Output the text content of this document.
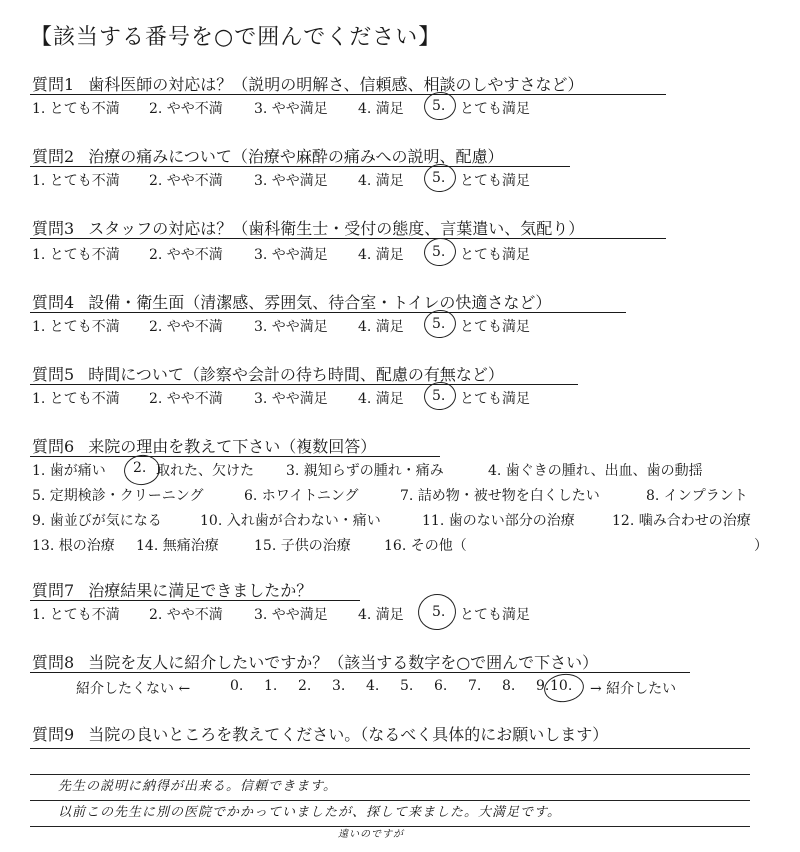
【該当する番号を○で囲んでください】
質問1 歯科医師の対応は？（説明の明解さ、信頼感、相談のしやすさなど）
1. とても不満 2. やや不満 3. やや満足 4. 満足 5. とても満足
質問2 治療の痛みについて（治療や麻酔の痛みへの説明、配慮）
1. とても不満 2. やや不満 3. やや満足 4. 満足 5. とても満足
質問3 スタッフの対応は？（歯科衛生士・受付の態度、言葉遣い、気配り）
1. とても不満 2. やや不満 3. やや満足 4. 満足 5. とても満足
質問4 設備・衛生面（清潔感、雰囲気、待合室・トイレの快適さなど）
1. とても不満 2. やや不満 3. やや満足 4. 満足 5. とても満足
質問5 時間について（診察や会計の待ち時間、配慮の有無など）
1. とても不満 2. やや不満 3. やや満足 4. 満足 5. とても満足
質問6 来院の理由を教えて下さい（複数回答）
1. 歯が痛い 2. 取れた、欠けた 3. 親知らずの腫れ・痛み	4. 歯ぐきの腫れ、出血、歯の動揺
5. 定期検診・クリーニング	6. ホワイトニング	7. 詰め物・被せ物を白くしたい	8. インプラント
9. 歯並びが気になる	10. 入れ歯が合わない・痛い	11. 歯のない部分の治療	12. 噛み合わせの治療
13. 根の治療 14. 無痛治療	15. 子供の治療 16. その他（	）
質問7 治療結果に満足できましたか？
1. とても不満 2. やや不満 3. やや満足 4. 満足 5. とても満足
質問8 当院を友人に紹介したいですか？（該当する数字を○で囲んで下さい）
紹介したくない ←	0. 1. 2. 3. 4. 5. 6. 7. 8. 9. 10. → 紹介したい
質問9 当院の良いところを教えてください。（なるべく具体的にお願いします）
先生の説明に納得が出来る。信頼できます。
以前この先生に別の医院でかかっていましたが、探して来ました。大満足です。
遠いのですが
